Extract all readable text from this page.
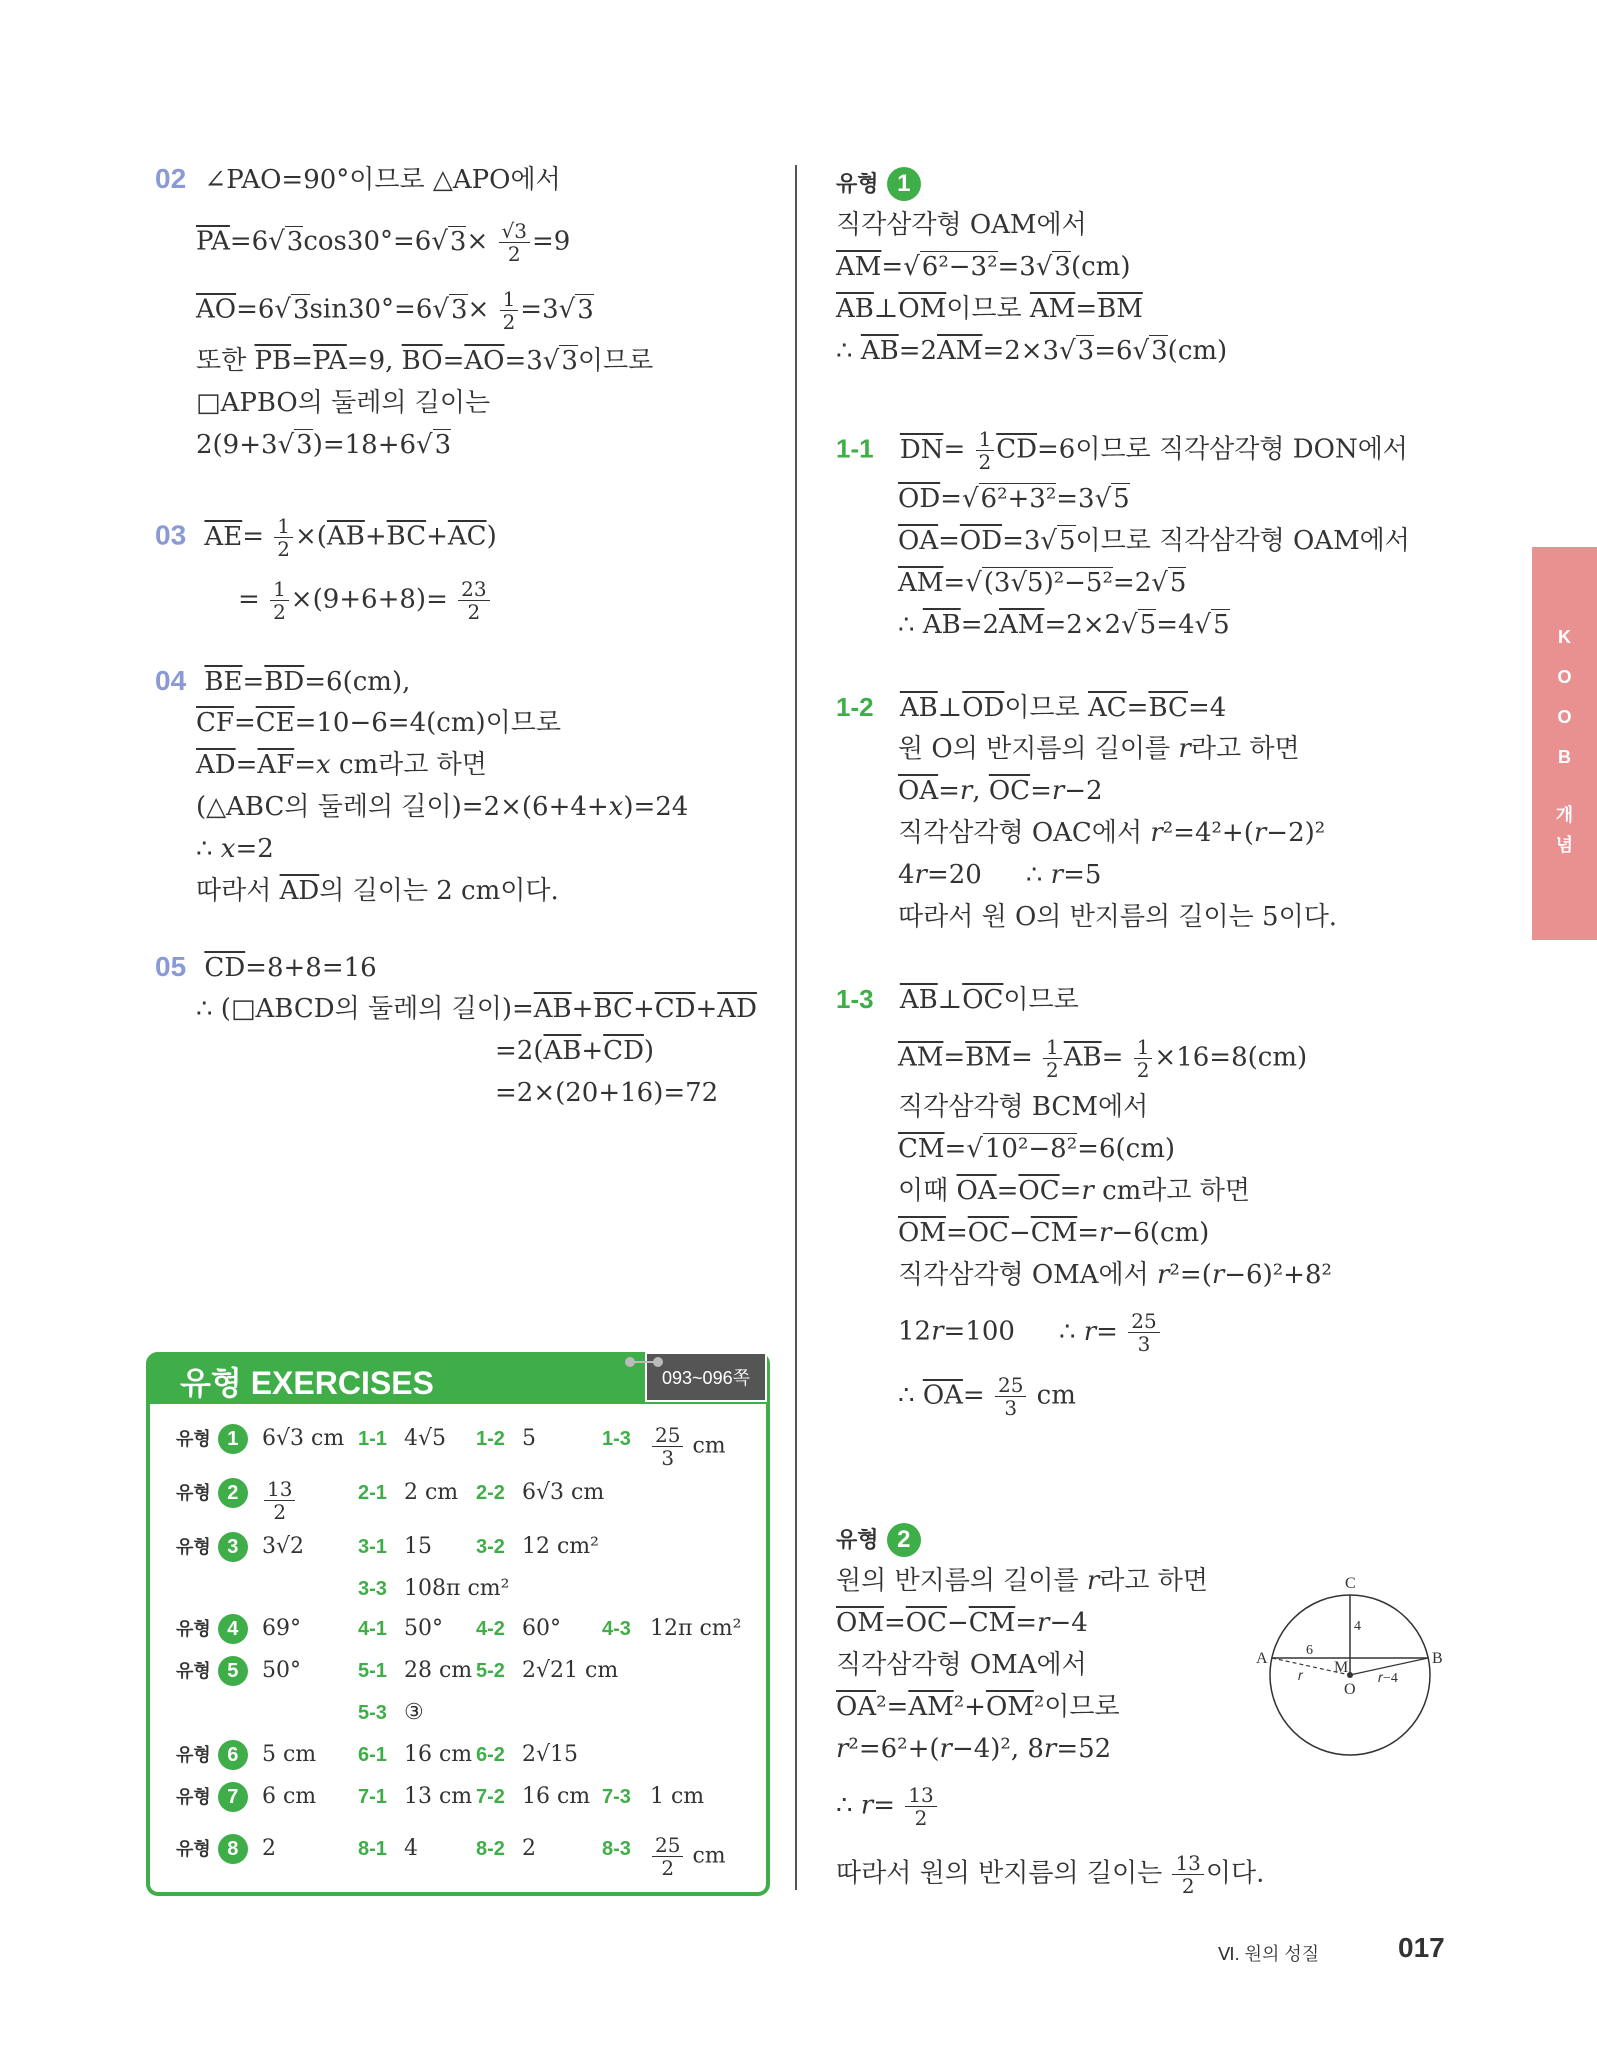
02 ∠PAO=90°이므로 △APO에서
$\overline{PA}=6√3\cos 30^\circ=6√3\times \frac{√3}{2} =9$
$\overline{AO}=6√3\sin 30^\circ=6√3\times \frac{1}{2} =3√3$
또한 $\overline{PB}=\overline{PA}=9$, $\overline{BO}=\overline{AO}=3√3$이므로
□APBO의 둘레의 길이는
2(9+3√3)=18+6√3
03 $\overline{AE}= \frac{1}{2} \times(\overline{AB}+\overline{BC}+\overline{AC})$
= $\frac{1}{2} \times(9+6+8)= \frac{23}{2}$
04 $\overline{BE}=\overline{BD}=6(cm)$,
$\overline{CF}=\overline{CE}=10-6=4(cm)$이므로
$\overline{AD}=\overline{AF}=𝑥$ cm라고 하면
(△ABC의 둘레의 길이)=2×(6+4+𝑥)=24
∴ 𝑥=2
따라서 $\overline{AD}$의 길이는 2 cm이다.
05 $\overline{CD}=8+8=16$
∴ (□ABCD의 둘레의 길이)$=\overline{AB}+\overline{BC}+\overline{CD}+\overline{AD}$
$=2(\overline{AB}+\overline{CD})$
=2×(20+16)=72
유형 EXERCISES	093~096쪽
유형 1	6√3 cm 1-1 4√5 1-2 5	$1-3 \frac{25}{3}$ cm
유형 2	$\frac{13}{2}$	2-1 2 cm 2-2 6√3 cm
유형 3	3√2	3-1 15 3-2 12 cm²
3-3 108π cm²
유형 4	69°	4-1 50° 4-2 60° 4-3 12π cm²
유형 5	50°	5-1 28 cm 5-2 2√21 cm
5-3 ③
유형 6	5 cm 6-1 16 cm 6-2 2√15
유형 7	6 cm 7-1 13 cm 7-2 16 cm 7-3 1 cm
유형 8	2	8-1 4	8-2 2	$8-3 \frac{25}{2}$ cm
K
O
O
B
개
념
유형 1
직각삼각형 OAM에서
$\overline{AM}=√6^2-3^2=3√3(cm)$
$\overline{AB}\perp\overline{OM}$이므로 $\overline{AM}=\overline{BM}$
∴ $\overline{AB}=2\overline{AM}=2\times 3√3=6√3(cm)$
1-1 $\overline{DN}= \frac{1}{2} \overline{CD}=6$이므로 직각삼각형 DON에서
$\overline{OD}=√6^2+3^2=3√5$
$\overline{OA}=\overline{OD}=3√5$이므로 직각삼각형 OAM에서
$\overline{AM}=√(3√5)^2-5^2=2√5$
∴ $\overline{AB}=2\overline{AM}=2\times 2√5=4√5$
1-2 $\overline{AB}\perp\overline{OD}$이므로 $\overline{AC}=\overline{BC}=4$
원 O의 반지름의 길이를 𝑟라고 하면
$\overline{OA}=𝑟$, $\overline{OC}=𝑟-2$
직각삼각형 OAC에서 𝑟²=4²+(𝑟−2)²
4𝑟=20 ∴ 𝑟=5
따라서 원 O의 반지름의 길이는 5이다.
1-3 $\overline{AB}\perp\overline{OC}$이므로
$\overline{AM}=\overline{BM}= \frac{1}{2} \overline{AB}= \frac{1}{2} \times 16=8(cm)$
직각삼각형 BCM에서
$\overline{CM}=√10^2-8^2=6(cm)$
이때 $\overline{OA}=\overline{OC}=𝑟$ cm라고 하면
$\overline{OM}=\overline{OC}-\overline{CM}=𝑟-6(cm)$
직각삼각형 OMA에서 𝑟²=(𝑟−6)²+8²
12𝑟=100 ∴ 𝑟= $\frac{25}{3}$
∴ $\overline{OA}= \frac{25}{3}$ cm
유형 2
원의 반지름의 길이를 𝑟라고 하면
$\overline{OM}=\overline{OC}-\overline{CM}=𝑟-4$
직각삼각형 OMA에서
$\overline{OA}^2=\overline{AM}^2+\overline{OM}^2$이므로
𝑟²=6²+(𝑟−4)², 8𝑟=52
∴ 𝑟= $\frac{13}{2}$
따라서 원의 반지름의 길이는 $\frac{13}{2}$ 이다.
C
A	B
M
O
6
4
𝑟	𝑟−4
Ⅵ. 원의 성질	017
